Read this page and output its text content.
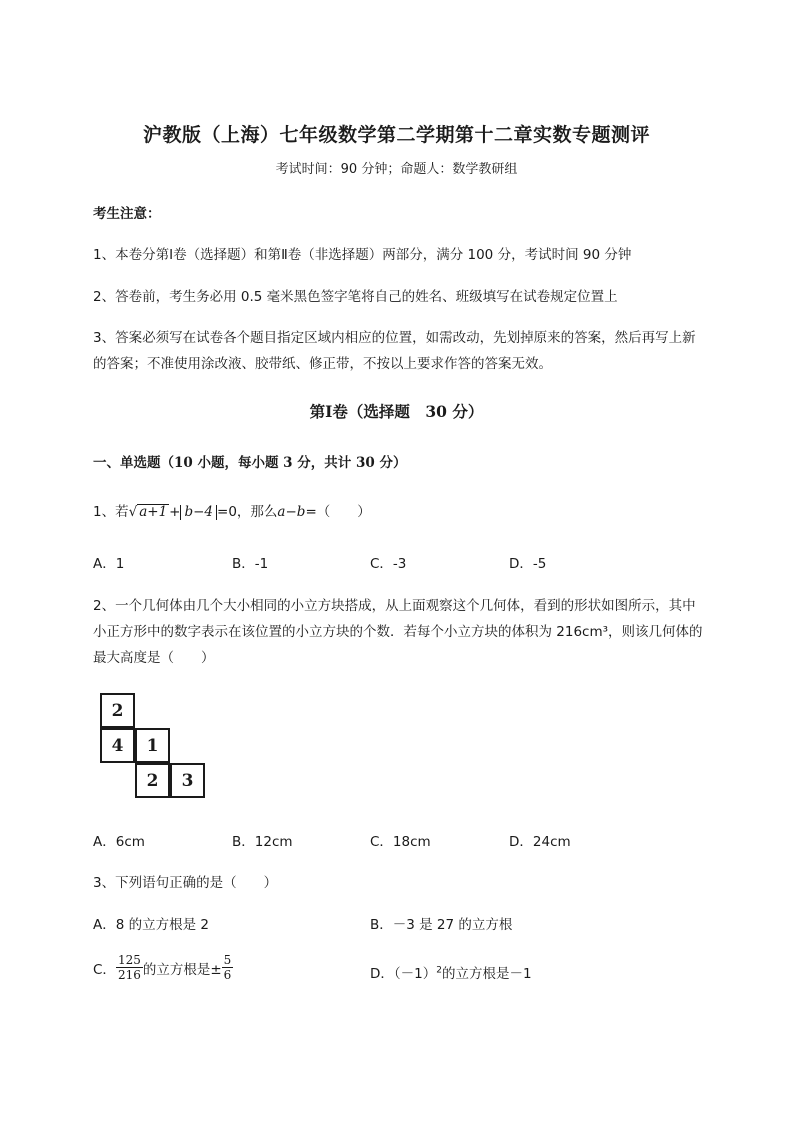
沪教版（上海）七年级数学第二学期第十二章实数专题测评
考试时间：90 分钟；命题人：数学教研组
考生注意：
1、本卷分第Ⅰ卷（选择题）和第Ⅱ卷（非选择题）两部分，满分 100 分，考试时间 90 分钟
2、答卷前，考生务必用 0.5 毫米黑色签字笔将自己的姓名、班级填写在试卷规定位置上
3、答案必须写在试卷各个题目指定区域内相应的位置，如需改动，先划掉原来的答案，然后再写上新
的答案；不准使用涂改液、胶带纸、修正带，不按以上要求作答的答案无效。
第Ⅰ卷（选择题　30 分）
一、单选题（10 小题，每小题 3 分，共计 30 分）
1、若√ a+1 + b−4 =0，那么a−b=（　　）
A．1	B．-1	C．-3	D．-5
2、一个几何体由几个大小相同的小立方块搭成，从上面观察这个几何体，看到的形状如图所示，其中
小正方形中的数字表示在该位置的小立方块的个数．若每个小立方块的体积为 216cm³，则该几何体的
最大高度是（　　）
2
4	1
2	3
A．6cm	B．12cm	C．18cm	D．24cm
3、下列语句正确的是（　　）
A．8 的立方根是 2	B．－3 是 27 的立方根
C． $\frac{125}{216}$ 的立方根是± $\frac{5}{6}$	D．$(-1)^2$的立方根是－1
